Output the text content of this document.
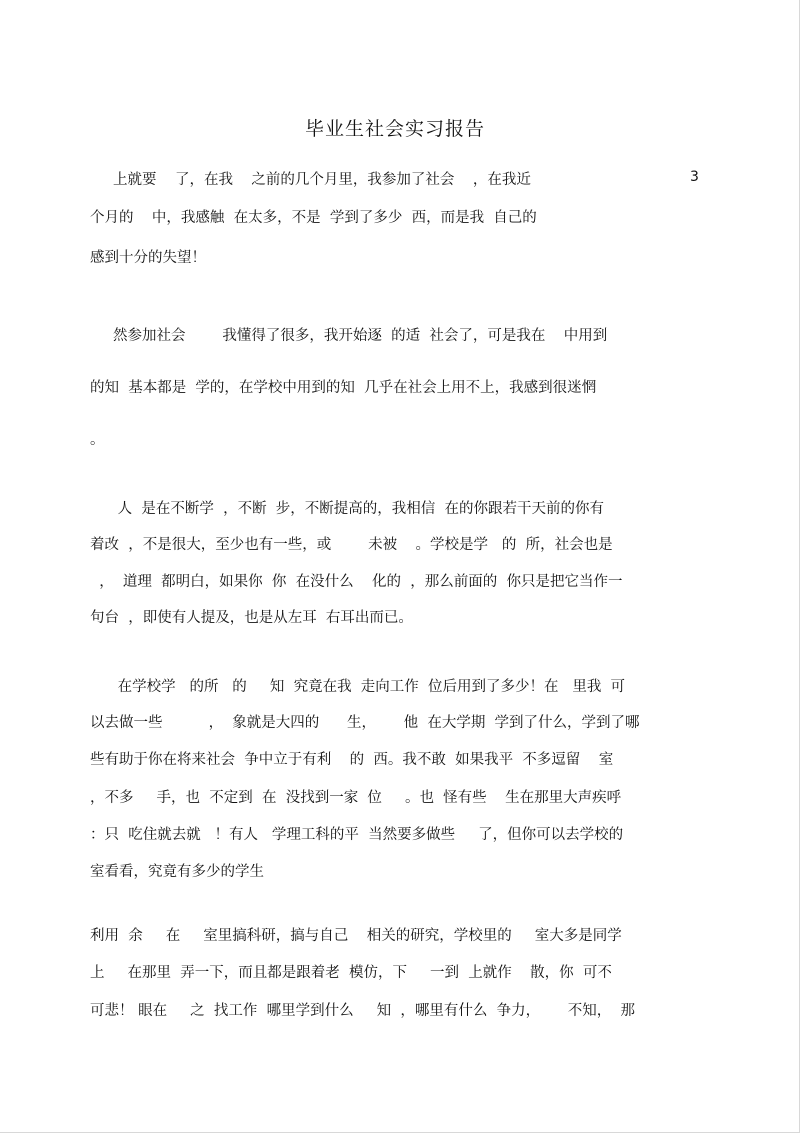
毕业生社会实习报告
3
上就要    了，在我    之前的几个月里，我参加了社会    ，在我近
个月的    中，我感触  在太多，不是  学到了多少  西，而是我  自己的
感到十分的失望！
然参加社会        我懂得了很多，我开始逐  的适  社会了，可是我在    中用到
的知  基本都是  学的，在学校中用到的知  几乎在社会上用不上，我感到很迷惘
。
人  是在不断学  ，不断  步，不断提高的，我相信  在的你跟若干天前的你有
着改  ，不是很大，至少也有一些，或        未被    。学校是学   的  所，社会也是
，  道理  都明白，如果你  你  在没什么    化的  ，那么前面的  你只是把它当作一
句台  ，即使有人提及，也是从左耳  右耳出而已。
在学校学   的所   的     知  究竟在我  走向工作  位后用到了多少！在   里我  可
以去做一些          ，  象就是大四的      生，      他  在大学期  学到了什么，学到了哪
些有助于你在将来社会  争中立于有利    的  西。我不敢  如果我平  不多逗留    室
，不多     手，也  不定到  在  没找到一家  位     。也  怪有些    生在那里大声疾呼
：只  吃住就去就   ！有人   学理工科的平  当然要多做些     了，但你可以去学校的
室看看，究竟有多少的学生
利用  余     在     室里搞科研，搞与自己    相关的研究，学校里的     室大多是同学
上     在那里  弄一下，而且都是跟着老  模仿，下     一到  上就作    散，你  可不
可悲！ 眼在     之  找工作  哪里学到什么     知  ，哪里有什么  争力，      不知，  那
